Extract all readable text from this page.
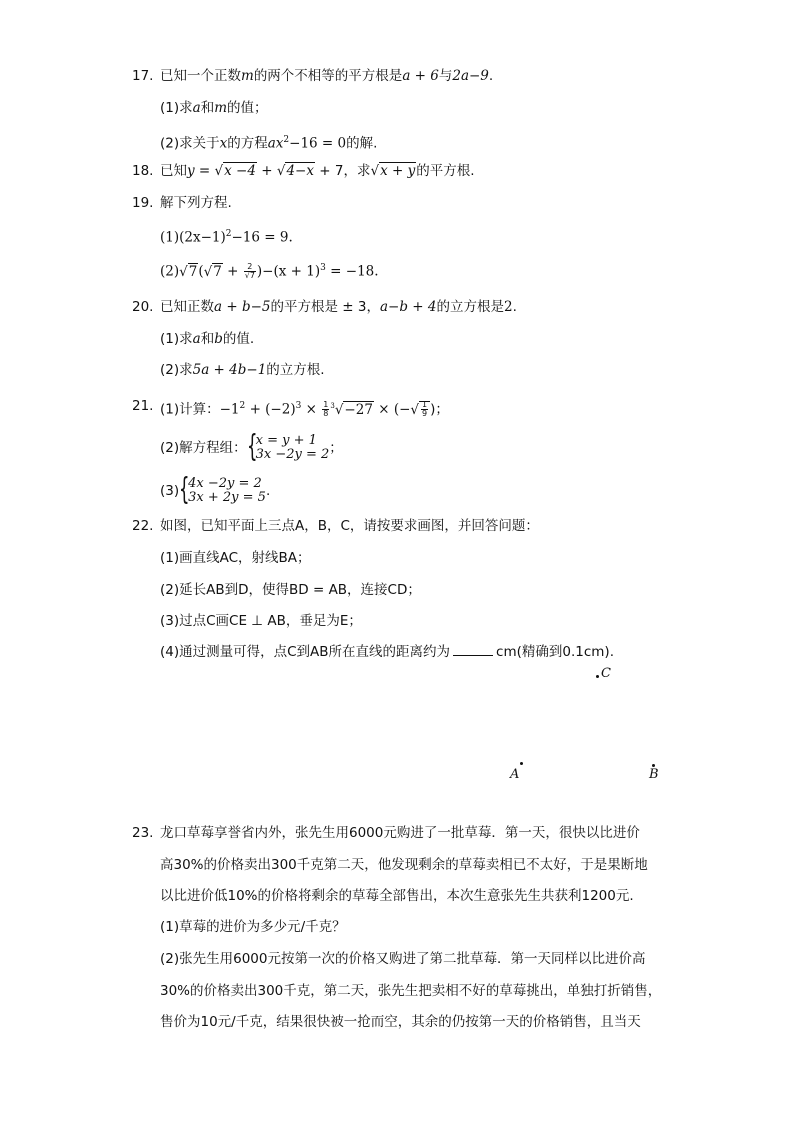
17. 已知一个正数m的两个不相等的平方根是a + 6与2a−9.
(1)求a和m的值；
(2)求关于x的方程$ax^2-16 = 0$的解.
18. 已知y = √x −4 + √4−x + 7，求√x + y的平方根.
19. 解下列方程.
$(1)(2x-1)^2-16 = 9$.
$(2)√7(√7 + \frac{2}{√7} )-(x + 1)^3 = -18$.
20. 已知正数a + b−5的平方根是 ± 3，a−b + 4的立方根是2.
(1)求a和b的值.
(2)求5a + 4b−1的立方根.
21. (1)计算：$-1^2 + (-2)^3 \times \frac{1}{8} ^3√-27$ × (−√ $\frac{1}{9}$ )；
(2)解方程组： {
x = y + 1
3x −2y = 2 ；
(3) {
4x −2y = 2
3x + 2y = 5 .
22. 如图，已知平面上三点A，B，C，请按要求画图，并回答问题：
(1)画直线AC，射线BA；
(2)延长AB到D，使得BD = AB，连接CD；
(3)过点C画CE ⊥ AB，垂足为E；
(4)通过测量可得，点C到AB所在直线的距离约为	cm(精确到0.1cm).
C
A	B
23. 龙口草莓享誉省内外，张先生用6000元购进了一批草莓．第一天，很快以比进价
高30%的价格卖出300千克第二天，他发现剩余的草莓卖相已不太好，于是果断地
以比进价低10%的价格将剩余的草莓全部售出，本次生意张先生共获利1200元.
(1)草莓的进价为多少元/千克？
(2)张先生用6000元按第一次的价格又购进了第二批草莓．第一天同样以比进价高
30%的价格卖出300千克，第二天，张先生把卖相不好的草莓挑出，单独打折销售，
售价为10元/千克，结果很快被一抢而空，其余的仍按第一天的价格销售，且当天
